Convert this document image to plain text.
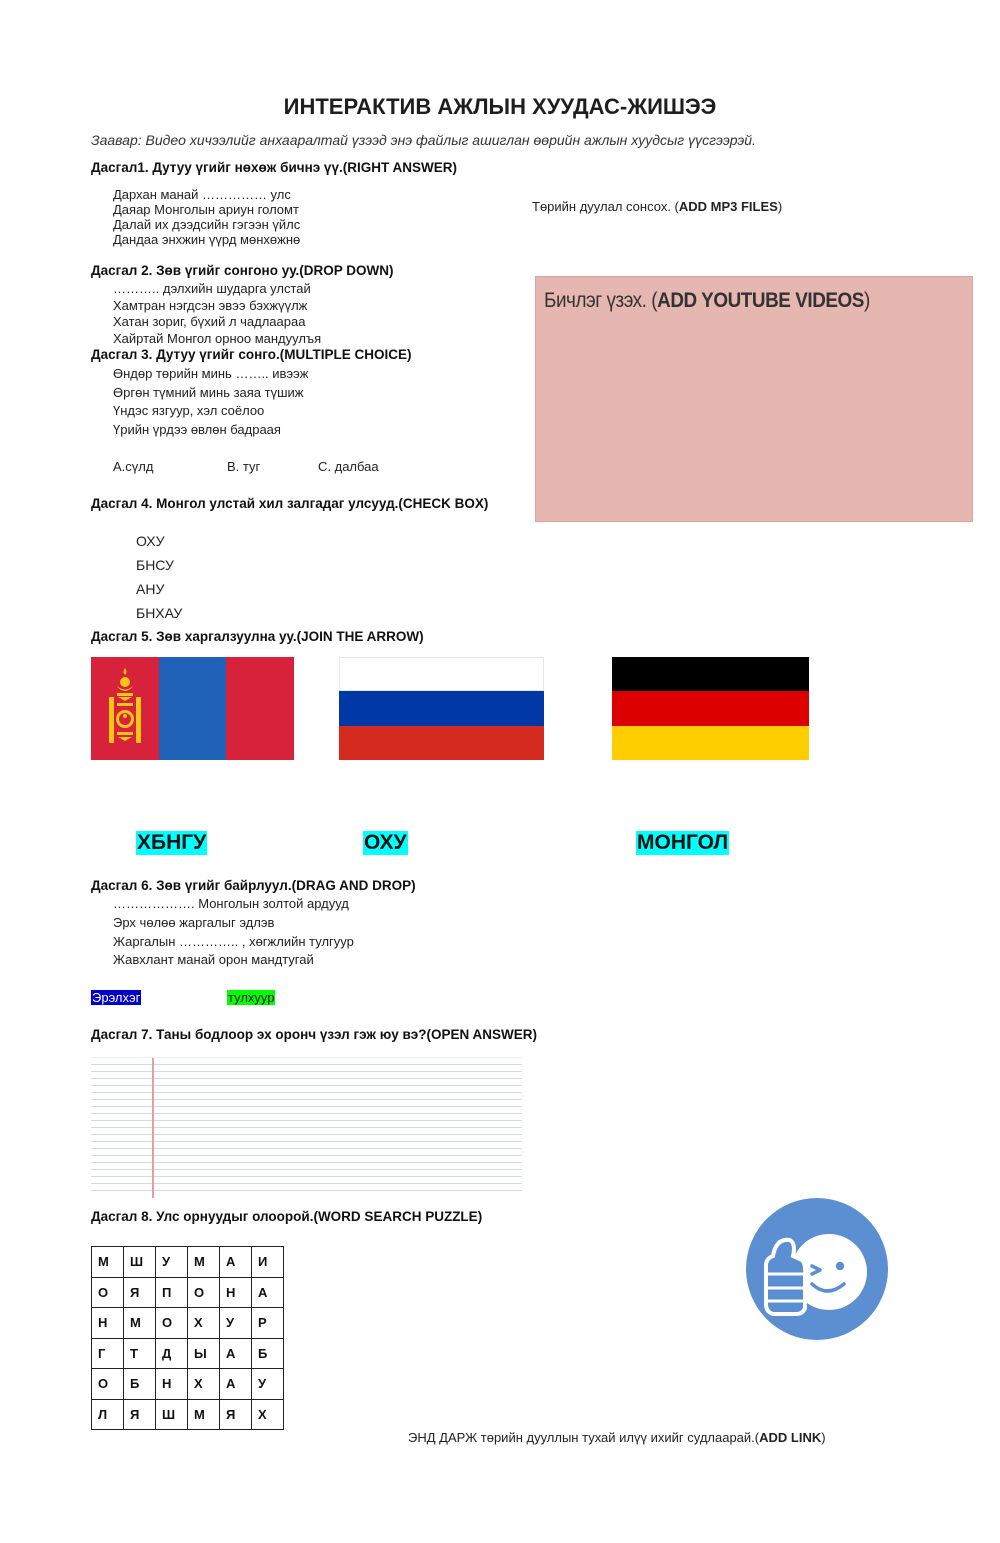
ИНТЕРАКТИВ АЖЛЫН ХУУДАС-ЖИШЭЭ
Заавар: Видео хичээлийг анхааралтай үзээд энэ файлыг ашиглан өөрийн ажлын хуудсыг үүсгээрэй.
Дасгал1. Дутуу үгийг нөхөж бичнэ үү.(RIGHT ANSWER)
Дархан манай …………… улс
Даяар Монголын ариун голомт
Далай их дээдсийн гэгээн үйлс
Дандаа энхжин үүрд мөнхөжнө
Төрийн дуулал сонсох. (ADD MP3 FILES)
Дасгал 2. Зөв үгийг сонгоно уу.(DROP DOWN)
……….. дэлхийн шударга улстай
Хамтран нэгдсэн эвээ бэхжүүлж
Хатан зориг, бүхий л чадлаараа
Хайртай Монгол орноо мандуулъя
Бичлэг үзэх. (ADD YOUTUBE VIDEOS)
Дасгал 3. Дутуу үгийг сонго.(MULTIPLE CHOICE)
Өндөр төрийн минь …….. ивээж
Өргөн түмний минь заяа түшиж
Үндэс язгуур, хэл соёлоо
Үрийн үрдээ өвлөн бадраая
А.сүлд	В. туг	С. далбаа
Дасгал 4. Монгол улстай хил залгадаг улсууд.(CHECK BOX)
ОХУ
БНСУ
АНУ
БНХАУ
Дасгал 5. Зөв харгалзуулна уу.(JOIN THE ARROW)
ХБНГУ	ОХУ	МОНГОЛ
Дасгал 6. Зөв үгийг байрлуул.(DRAG AND DROP)
………………. Монголын золтой ардууд
Эрх чөлөө жаргалыг эдлэв
Жаргалын ………….. , хөгжлийн тулгуур
Жавхлант манай орон мандтугай
Эрэлхэг	тулхуур
Дасгал 7. Таны бодлоор эх оронч үзэл гэж юу вэ?(OPEN ANSWER)
Дасгал 8. Улс орнуудыг олоорой.(WORD SEARCH PUZZLE)
М	Ш	У	М	А	И
О	Я	П	О	Н	А
Н	М	О	Х	У	Р
Г	Т	Д	Ы	А	Б
О	Б	Н	Х	А	У
Л	Я	Ш	М	Я	Х
ЭНД ДАРЖ төрийн дууллын тухай илүү ихийг судлаарай.(ADD LINK)
